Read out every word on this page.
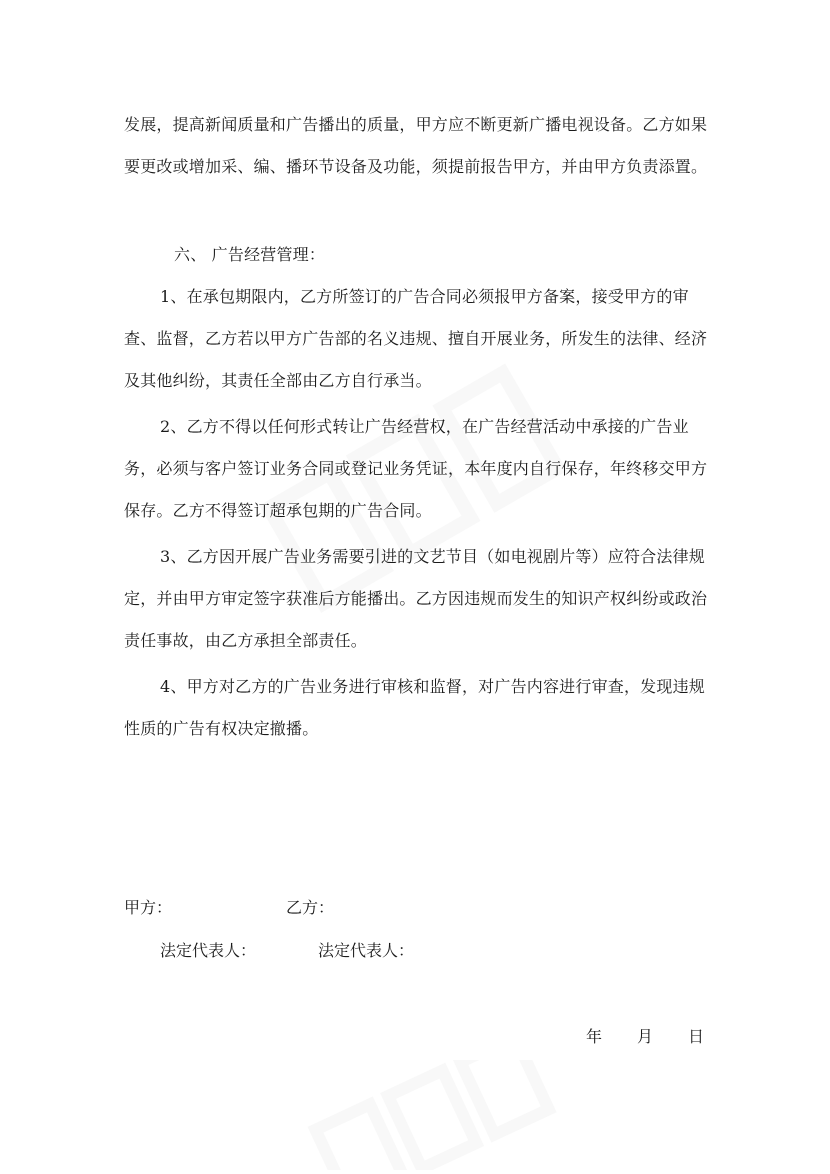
发展，提高新闻质量和广告播出的质量，甲方应不断更新广播电视设备。乙方如果要更改或增加采、编、播环节设备及功能，须提前报告甲方，并由甲方负责添置。

六、 广告经营管理：

1、在承包期限内，乙方所签订的广告合同必须报甲方备案，接受甲方的审查、监督，乙方若以甲方广告部的名义违规、擅自开展业务，所发生的法律、经济及其他纠纷，其责任全部由乙方自行承当。

2、乙方不得以任何形式转让广告经营权，在广告经营活动中承接的广告业务，必须与客户签订业务合同或登记业务凭证，本年度内自行保存，年终移交甲方保存。乙方不得签订超承包期的广告合同。

3、乙方因开展广告业务需要引进的文艺节目（如电视剧片等）应符合法律规定，并由甲方审定签字获准后方能播出。乙方因违规而发生的知识产权纠纷或政治责任事故，由乙方承担全部责任。

4、甲方对乙方的广告业务进行审核和监督，对广告内容进行审查，发现违规性质的广告有权决定撤播。

甲方：	乙方：
法定代表人：	法定代表人：
年 月 日
